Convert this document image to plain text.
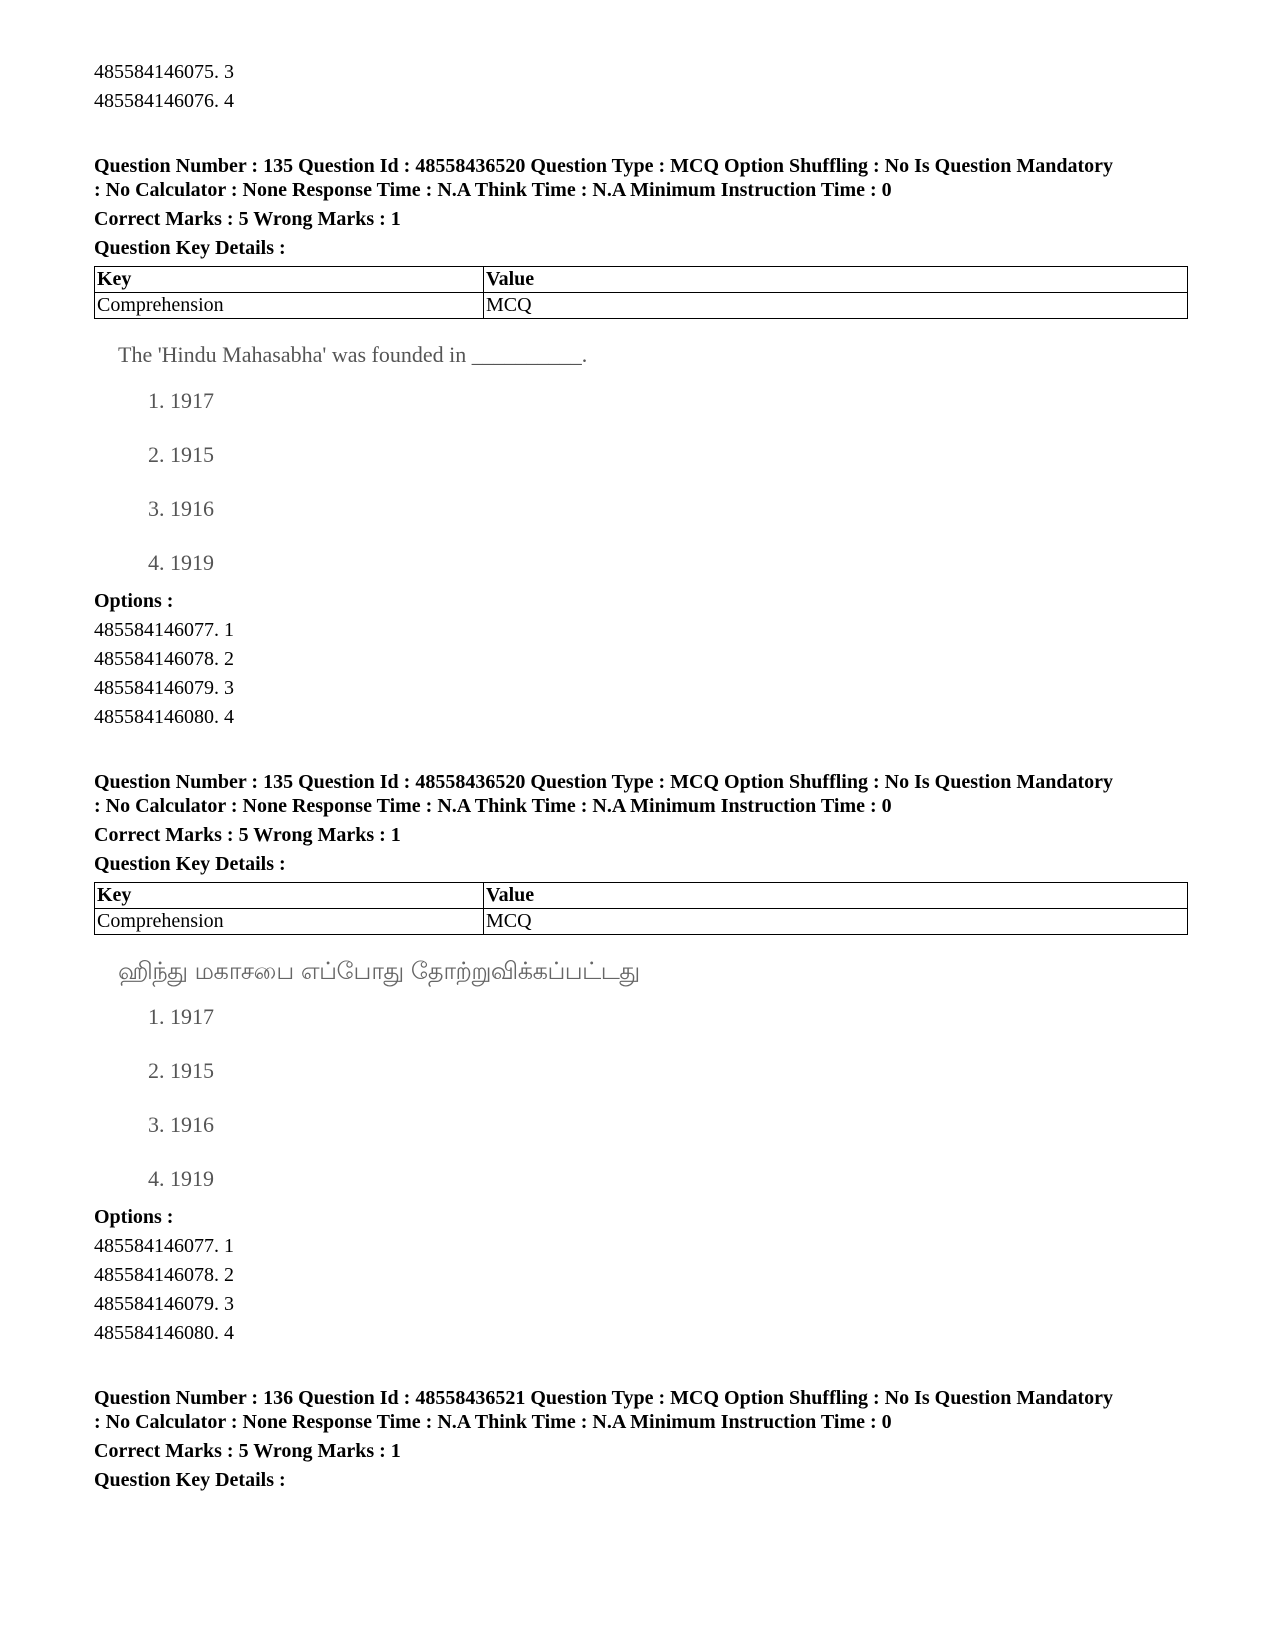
485584146075. 3

485584146076. 4

Question Number : 135 Question Id : 48558436520 Question Type : MCQ Option Shuffling : No Is Question Mandatory
: No Calculator : None Response Time : N.A Think Time : N.A Minimum Instruction Time : 0

Correct Marks : 5 Wrong Marks : 1

Question Key Details :

Key	Value
Comprehension	MCQ

The 'Hindu Mahasabha' was founded in __________.

1. 1917

2. 1915

3. 1916

4. 1919

Options :

485584146077. 1

485584146078. 2

485584146079. 3

485584146080. 4

Question Number : 135 Question Id : 48558436520 Question Type : MCQ Option Shuffling : No Is Question Mandatory
: No Calculator : None Response Time : N.A Think Time : N.A Minimum Instruction Time : 0

Correct Marks : 5 Wrong Marks : 1

Question Key Details :

Key	Value
Comprehension	MCQ

ஹிந்து மகாசபை எப்போது தோற்றுவிக்கப்பட்டது

1. 1917

2. 1915

3. 1916

4. 1919

Options :

485584146077. 1

485584146078. 2

485584146079. 3

485584146080. 4

Question Number : 136 Question Id : 48558436521 Question Type : MCQ Option Shuffling : No Is Question Mandatory
: No Calculator : None Response Time : N.A Think Time : N.A Minimum Instruction Time : 0

Correct Marks : 5 Wrong Marks : 1

Question Key Details :
